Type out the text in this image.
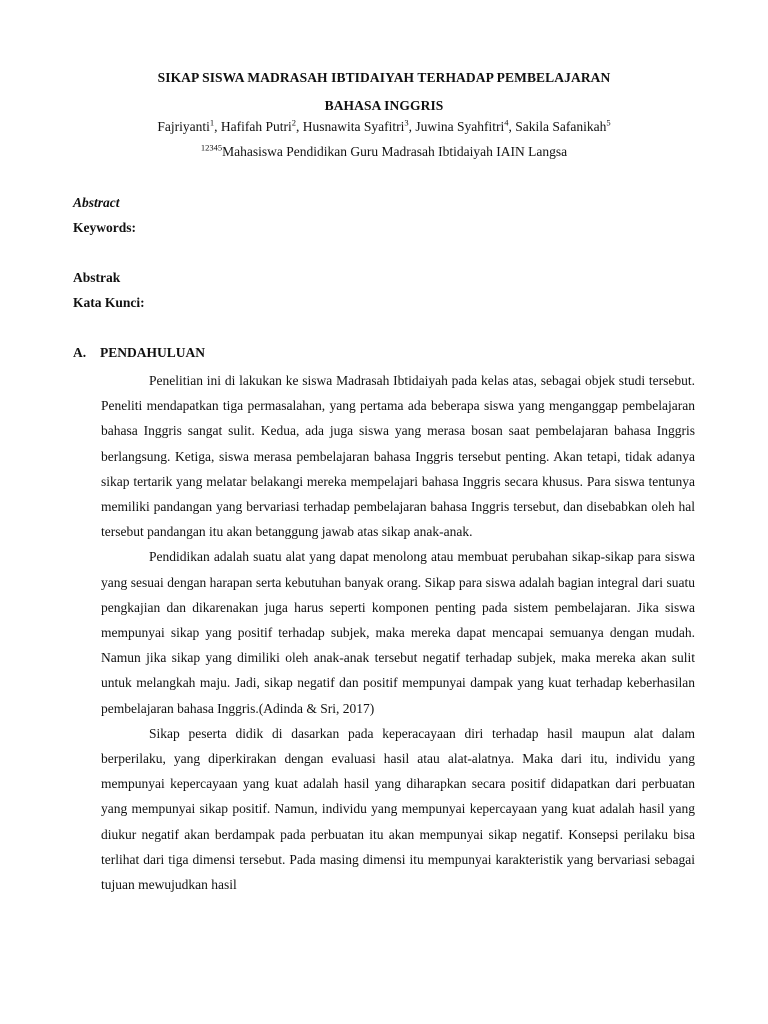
SIKAP SISWA MADRASAH IBTIDAIYAH TERHADAP PEMBELAJARAN
BAHASA INGGRIS
Fajriyanti$^1$, Hafifah Putri$^2$, Husnawita Syafitri$^3$, Juwina Syahfitri$^4$, Sakila Safanikah$^5$
$^{12345}$Mahasiswa Pendidikan Guru Madrasah Ibtidaiyah IAIN Langsa
Abstract
Keywords:
Abstrak
Kata Kunci:
A. PENDAHULUAN

Penelitian ini di lakukan ke siswa Madrasah Ibtidaiyah pada kelas atas, sebagai objek studi tersebut. Peneliti mendapatkan tiga permasalahan, yang pertama ada beberapa siswa yang menganggap pembelajaran bahasa Inggris sangat sulit. Kedua, ada juga siswa yang merasa bosan saat pembelajaran bahasa Inggris berlangsung. Ketiga, siswa merasa pembelajaran bahasa Inggris tersebut penting. Akan tetapi, tidak adanya sikap tertarik yang melatar belakangi mereka mempelajari bahasa Inggris secara khusus. Para siswa tentunya memiliki pandangan yang bervariasi terhadap pembelajaran bahasa Inggris tersebut, dan disebabkan oleh hal tersebut pandangan itu akan betanggung jawab atas sikap anak-anak.

Pendidikan adalah suatu alat yang dapat menolong atau membuat perubahan sikap-sikap para siswa yang sesuai dengan harapan serta kebutuhan banyak orang. Sikap para siswa adalah bagian integral dari suatu pengkajian dan dikarenakan juga harus seperti komponen penting pada sistem pembelajaran. Jika siswa mempunyai sikap yang positif terhadap subjek, maka mereka dapat mencapai semuanya dengan mudah. Namun jika sikap yang dimiliki oleh anak-anak tersebut negatif terhadap subjek, maka mereka akan sulit untuk melangkah maju. Jadi, sikap negatif dan positif mempunyai dampak yang kuat terhadap keberhasilan pembelajaran bahasa Inggris.(Adinda & Sri, 2017)

Sikap peserta didik di dasarkan pada keperacayaan diri terhadap hasil maupun alat dalam berperilaku, yang diperkirakan dengan evaluasi hasil atau alat-alatnya. Maka dari itu, individu yang mempunyai kepercayaan yang kuat adalah hasil yang diharapkan secara positif didapatkan dari perbuatan yang mempunyai sikap positif. Namun, individu yang mempunyai kepercayaan yang kuat adalah hasil yang diukur negatif akan berdampak pada perbuatan itu akan mempunyai sikap negatif. Konsepsi perilaku bisa terlihat dari tiga dimensi tersebut. Pada masing dimensi itu mempunyai karakteristik yang bervariasi sebagai tujuan mewujudkan hasil
